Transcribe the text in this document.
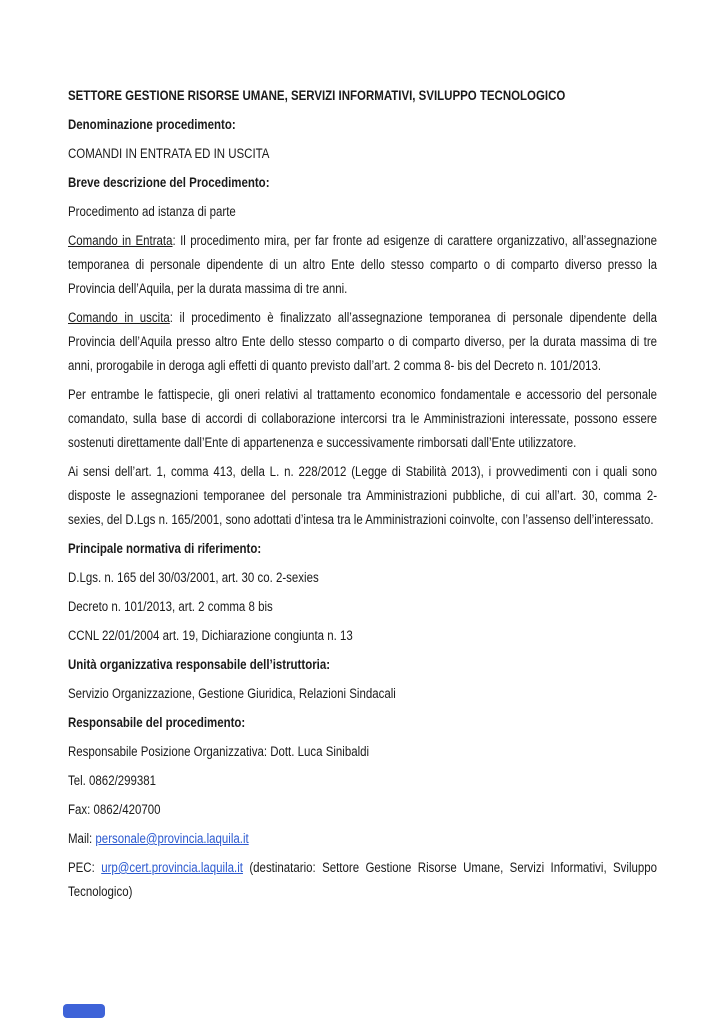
SETTORE GESTIONE RISORSE UMANE, SERVIZI INFORMATIVI, SVILUPPO TECNOLOGICO

Denominazione procedimento:

COMANDI IN ENTRATA ED IN USCITA

Breve descrizione del Procedimento:

Procedimento ad istanza di parte

Comando in Entrata: Il procedimento mira, per far fronte ad esigenze di carattere organizzativo, all’assegnazione temporanea di personale dipendente di un altro Ente dello stesso comparto o di comparto diverso presso la Provincia dell’Aquila, per la durata massima di tre anni.

Comando in uscita: il procedimento è finalizzato all’assegnazione temporanea di personale dipendente della Provincia dell’Aquila presso altro Ente dello stesso comparto o di comparto diverso, per la durata massima di tre anni, prorogabile in deroga agli effetti di quanto previsto dall’art. 2 comma 8- bis del Decreto n. 101/2013.

Per entrambe le fattispecie, gli oneri relativi al trattamento economico fondamentale e accessorio del personale comandato, sulla base di accordi di collaborazione intercorsi tra le Amministrazioni interessate, possono essere sostenuti direttamente dall’Ente di appartenenza e successivamente rimborsati dall’Ente utilizzatore.

Ai sensi dell’art. 1, comma 413, della L. n. 228/2012 (Legge di Stabilità 2013), i provvedimenti con i quali sono disposte le assegnazioni temporanee del personale tra Amministrazioni pubbliche, di cui all’art. 30, comma 2-sexies, del D.Lgs n. 165/2001, sono adottati d’intesa tra le Amministrazioni coinvolte, con l’assenso dell’interessato.

Principale normativa di riferimento:

D.Lgs. n. 165 del 30/03/2001, art. 30 co. 2-sexies

Decreto n. 101/2013, art. 2 comma 8 bis

CCNL 22/01/2004 art. 19, Dichiarazione congiunta n. 13

Unità organizzativa responsabile dell’istruttoria:

Servizio Organizzazione, Gestione Giuridica, Relazioni Sindacali

Responsabile del procedimento:

Responsabile Posizione Organizzativa: Dott. Luca Sinibaldi

Tel. 0862/299381

Fax: 0862/420700

Mail: personale@provincia.laquila.it

PEC: urp@cert.provincia.laquila.it (destinatario: Settore Gestione Risorse Umane, Servizi Informativi, Sviluppo Tecnologico)
